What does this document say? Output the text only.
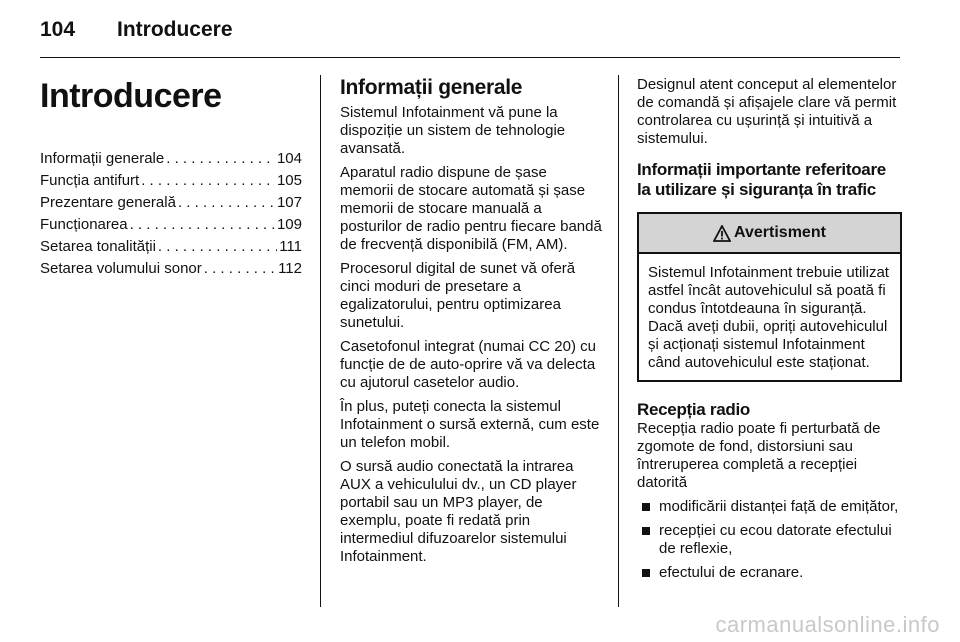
104 Introducere
Introducere
Informații generale . . .	104
Funcția antifurt . . .	105
Prezentare generală . . .	107
Funcționarea . . .	109
Setarea tonalității . . .	111
Setarea volumului sonor . . .	112
Informații generale

Sistemul Infotainment vă pune la dispoziție un sistem de tehnologie avansată.

Aparatul radio dispune de șase memorii de stocare automată și șase memorii de stocare manuală a posturilor de radio pentru fiecare bandă de frecvență disponibilă (FM, AM).

Procesorul digital de sunet vă oferă cinci moduri de presetare a egalizatorului, pentru optimizarea sunetului.

Casetofonul integrat (numai CC 20) cu funcție de de auto-oprire vă va delecta cu ajutorul casetelor audio.

În plus, puteți conecta la sistemul Infotainment o sursă externă, cum este un telefon mobil.

O sursă audio conectată la intrarea AUX a vehiculului dv., un CD player portabil sau un MP3 player, de exemplu, poate fi redată prin intermediul difuzoarelor sistemului Infotainment.

Designul atent conceput al elementelor de comandă și afișajele clare vă permit controlarea cu ușurință și intuitivă a sistemului.

Informații importante referitoare la utilizare și siguranța în trafic
Avertisment
Sistemul Infotainment trebuie utilizat astfel încât autovehiculul să poată fi condus întotdeauna în siguranță. Dacă aveți dubii, opriți autovehiculul și acționați sistemul Infotainment când autovehiculul este staționat.
Recepția radio

Recepția radio poate fi perturbată de zgomote de fond, distorsiuni sau întreruperea completă a recepției datorită

modificării distanței față de emițător,
recepției cu ecou datorate efectului de reflexie,
efectului de ecranare.
carmanualsonline.info
